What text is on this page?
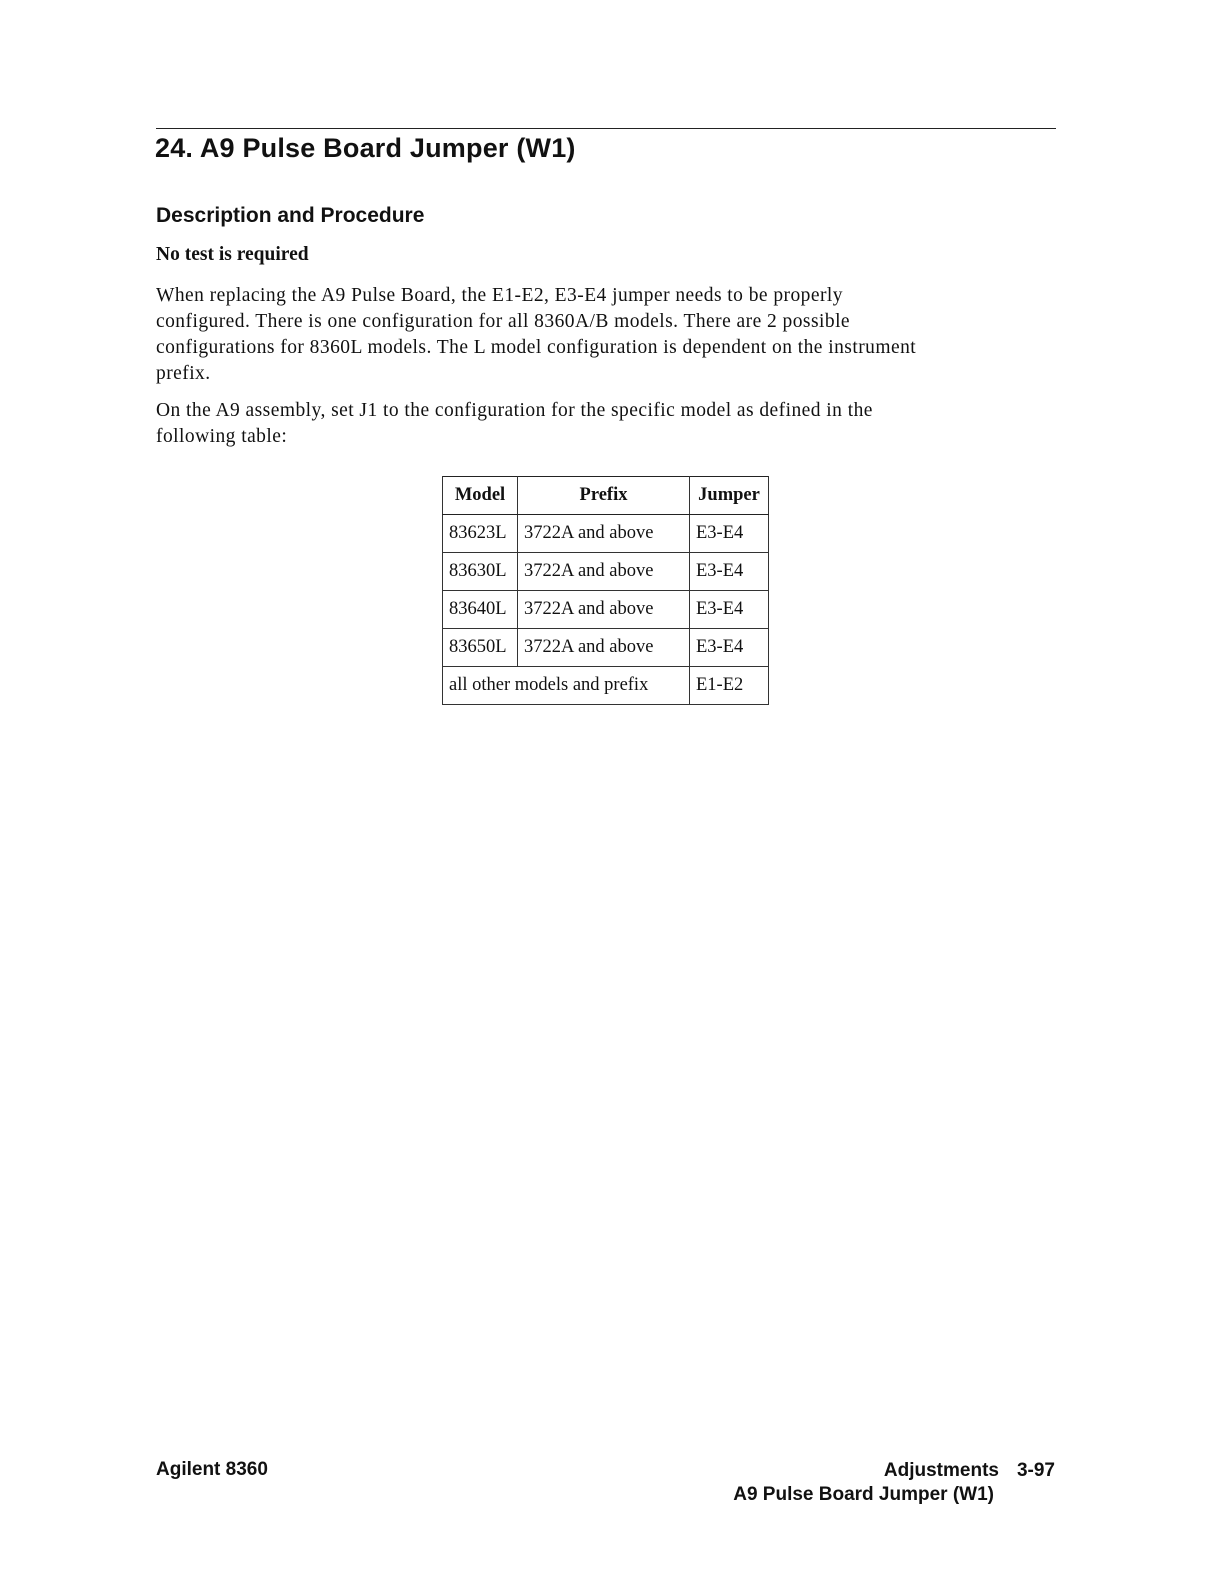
24. A9 Pulse Board Jumper (W1)
Description and Procedure
No test is required

When replacing the A9 Pulse Board, the E1-E2, E3-E4 jumper needs to be properly
configured. There is one configuration for all 8360A/B models. There are 2 possible
configurations for 8360L models. The L model configuration is dependent on the instrument
prefix.

On the A9 assembly, set J1 to the configuration for the specific model as defined in the
following table:

Model	Prefix	Jumper
83623L	3722A and above	E3-E4
83630L	3722A and above	E3-E4
83640L	3722A and above	E3-E4
83650L	3722A and above	E3-E4
all other models and prefix		E1-E2

Agilent 8360	Adjustments 3-97
A9 Pulse Board Jumper (W1)
